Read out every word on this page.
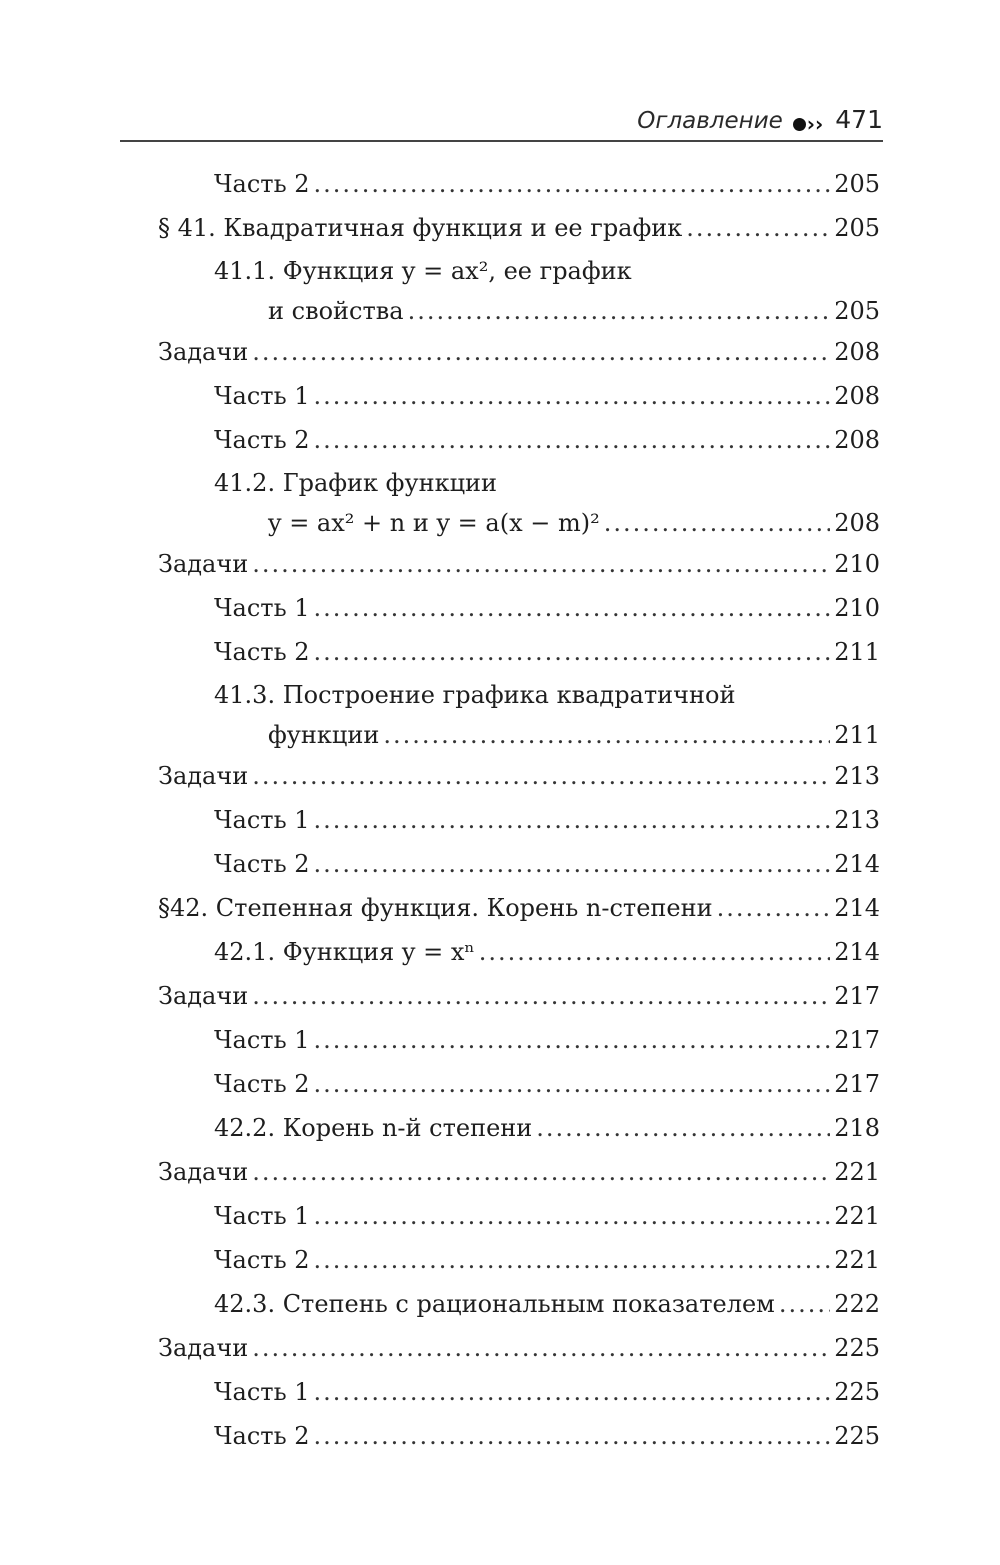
Оглавление ›› 471
Часть 2 .....	205
§ 41. Квадратичная функция и ее график .....	205
41.1. Функция y = ax², ее график
и свойства .....	205
Задачи .....	208
Часть 1 .....	208
Часть 2 .....	208
41.2. График функции
y = ax² + n и y = a(x − m)² .....	208
Задачи .....	210
Часть 1 .....	210
Часть 2 .....	211
41.3. Построение графика квадратичной
функции .....	211
Задачи .....	213
Часть 1 .....	213
Часть 2 .....	214
§42. Степенная функция. Корень n-степени .....	214
42.1. Функция y = xⁿ .....	214
Задачи .....	217
Часть 1 .....	217
Часть 2 .....	217
42.2. Корень n-й степени .....	218
Задачи .....	221
Часть 1 .....	221
Часть 2 .....	221
42.3. Степень с рациональным показателем ..... 222
Задачи .....	225
Часть 1 .....	225
Часть 2 .....	225
